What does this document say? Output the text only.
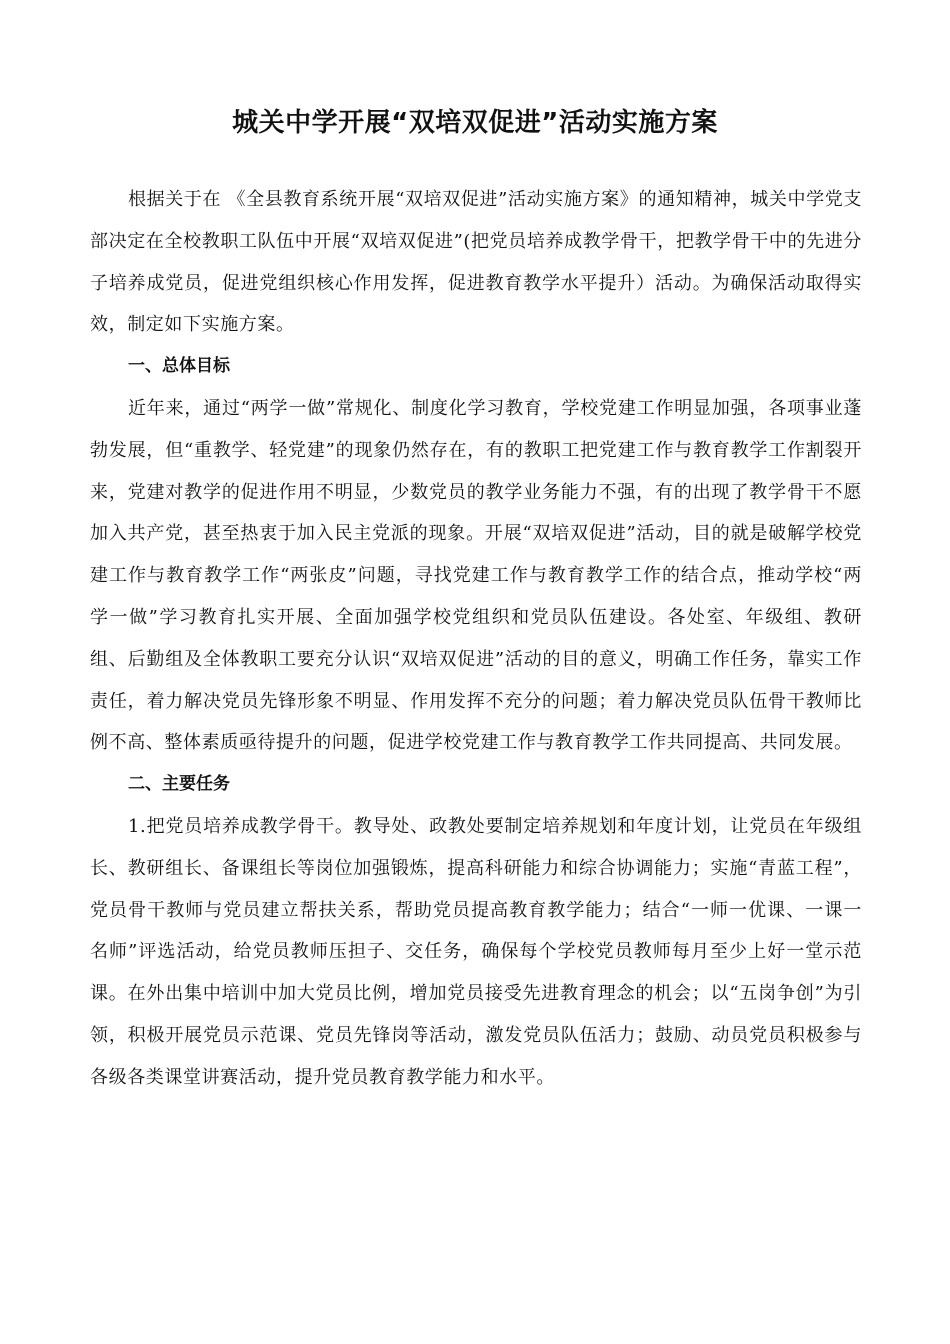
城关中学开展“双培双促进”活动实施方案

根据关于在 《全县教育系统开展“双培双促进”活动实施方案》的通知精神，城关中学党支部决定在全校教职工队伍中开展“双培双促进”(把党员培养成教学骨干，把教学骨干中的先进分子培养成党员，促进党组织核心作用发挥，促进教育教学水平提升）活动。为确保活动取得实效，制定如下实施方案。

一、总体目标

近年来，通过“两学一做”常规化、制度化学习教育，学校党建工作明显加强，各项事业蓬勃发展，但“重教学、轻党建”的现象仍然存在，有的教职工把党建工作与教育教学工作割裂开来，党建对教学的促进作用不明显，少数党员的教学业务能力不强，有的出现了教学骨干不愿加入共产党，甚至热衷于加入民主党派的现象。开展“双培双促进”活动，目的就是破解学校党建工作与教育教学工作“两张皮”问题，寻找党建工作与教育教学工作的结合点，推动学校“两学一做”学习教育扎实开展、全面加强学校党组织和党员队伍建设。各处室、年级组、教研组、后勤组及全体教职工要充分认识“双培双促进”活动的目的意义，明确工作任务，靠实工作责任，着力解决党员先锋形象不明显、作用发挥不充分的问题；着力解决党员队伍骨干教师比例不高、整体素质亟待提升的问题，促进学校党建工作与教育教学工作共同提高、共同发展。

二、主要任务

1.把党员培养成教学骨干。教导处、政教处要制定培养规划和年度计划，让党员在年级组长、教研组长、备课组长等岗位加强锻炼，提高科研能力和综合协调能力；实施“青蓝工程”，党员骨干教师与党员建立帮扶关系，帮助党员提高教育教学能力；结合“一师一优课、一课一名师”评选活动，给党员教师压担子、交任务，确保每个学校党员教师每月至少上好一堂示范课。在外出集中培训中加大党员比例，增加党员接受先进教育理念的机会；以“五岗争创”为引领，积极开展党员示范课、党员先锋岗等活动，激发党员队伍活力；鼓励、动员党员积极参与各级各类课堂讲赛活动，提升党员教育教学能力和水平。
